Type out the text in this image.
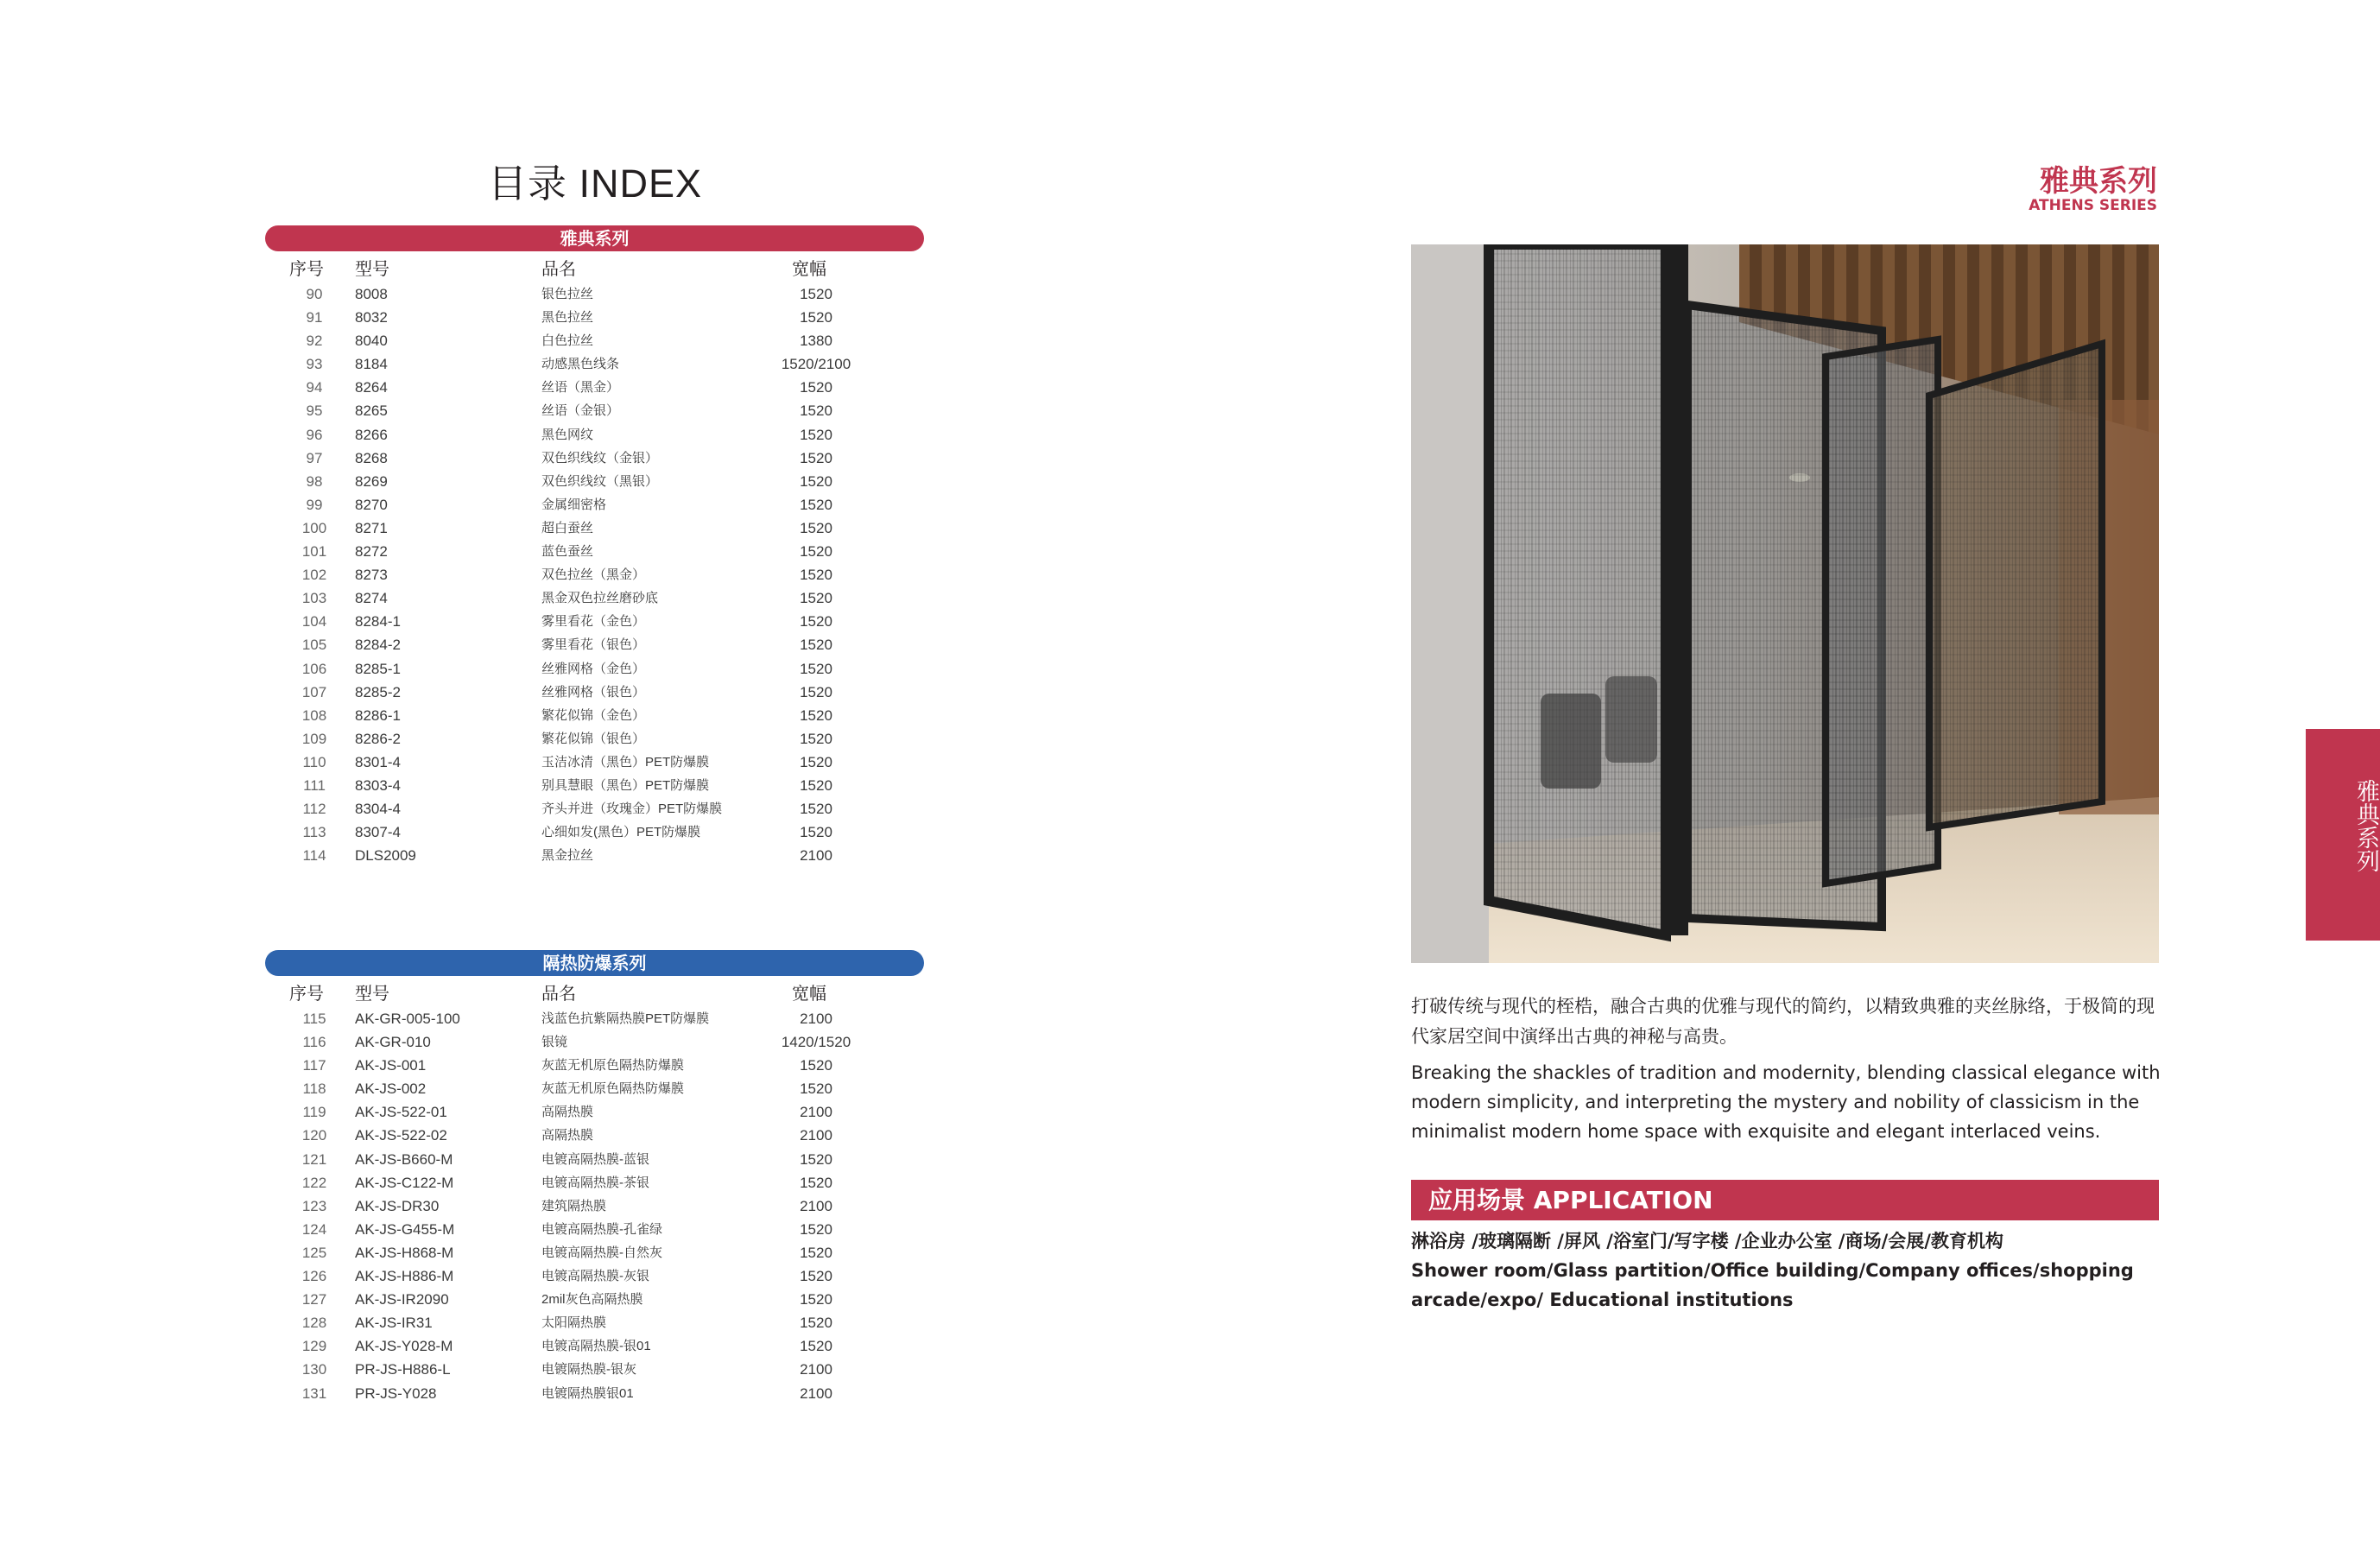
目录 INDEX
雅典系列
序号 型号	品名	宽幅
90	8008	银色拉丝	1520
91	8032	黑色拉丝	1520
92	8040	白色拉丝	1380
93	8184	动感黑色线条	1520/2100
94	8264	丝语（黑金）	1520
95	8265	丝语（金银）	1520
96	8266	黑色网纹	1520
97	8268	双色织线纹（金银）	1520
98	8269	双色织线纹（黑银）	1520
99	8270	金属细密格	1520
100	8271	超白蚕丝	1520
101	8272	蓝色蚕丝	1520
102	8273	双色拉丝（黑金）	1520
103	8274	黑金双色拉丝磨砂底	1520
104	8284-1	雾里看花（金色）	1520
105	8284-2	雾里看花（银色）	1520
106	8285-1	丝雅网格（金色）	1520
107	8285-2	丝雅网格（银色）	1520
108	8286-1	繁花似锦（金色）	1520
109	8286-2	繁花似锦（银色）	1520
110	8301-4	玉洁冰清（黑色）PET防爆膜	1520
111	8303-4	别具慧眼（黑色）PET防爆膜	1520
112	8304-4	齐头并进（玫瑰金）PET防爆膜	1520
113	8307-4	心细如发(黑色）PET防爆膜	1520
114	DLS2009	黑金拉丝	2100
隔热防爆系列
序号 型号	品名	宽幅
115	AK-GR-005-100	浅蓝色抗紫隔热膜PET防爆膜	2100
116	AK-GR-010	银镜	1420/1520
117	AK-JS-001	灰蓝无机原色隔热防爆膜	1520
118	AK-JS-002	灰蓝无机原色隔热防爆膜	1520
119	AK-JS-522-01	高隔热膜	2100
120	AK-JS-522-02	高隔热膜	2100
121	AK-JS-B660-M	电镀高隔热膜-蓝银	1520
122	AK-JS-C122-M	电镀高隔热膜-茶银	1520
123	AK-JS-DR30	建筑隔热膜	2100
124	AK-JS-G455-M	电镀高隔热膜-孔雀绿	1520
125	AK-JS-H868-M	电镀高隔热膜-自然灰	1520
126	AK-JS-H886-M	电镀高隔热膜-灰银	1520
127	AK-JS-IR2090	2mil灰色高隔热膜	1520
128	AK-JS-IR31	太阳隔热膜	1520
129	AK-JS-Y028-M	电镀高隔热膜-银01	1520
130	PR-JS-H886-L	电镀隔热膜-银灰	2100
131	PR-JS-Y028	电镀隔热膜银01	2100
雅典系列
ATHENS SERIES
打破传统与现代的桎梏，融合古典的优雅与现代的简约，以精致典雅的夹丝脉络，于极简的现代家居空间中演绎出古典的神秘与高贵。
Breaking the shackles of tradition and modernity, blending classical elegance with modern simplicity, and interpreting the mystery and nobility of classicism in the minimalist modern home space with exquisite and elegant interlaced veins.
应用场景 APPLICATION
淋浴房 /玻璃隔断 /屏风 /浴室门/写字楼 /企业办公室 /商场/会展/教育机构
Shower room/Glass partition/Office building/Company offices/shopping arcade/expo/ Educational institutions
雅典系列
